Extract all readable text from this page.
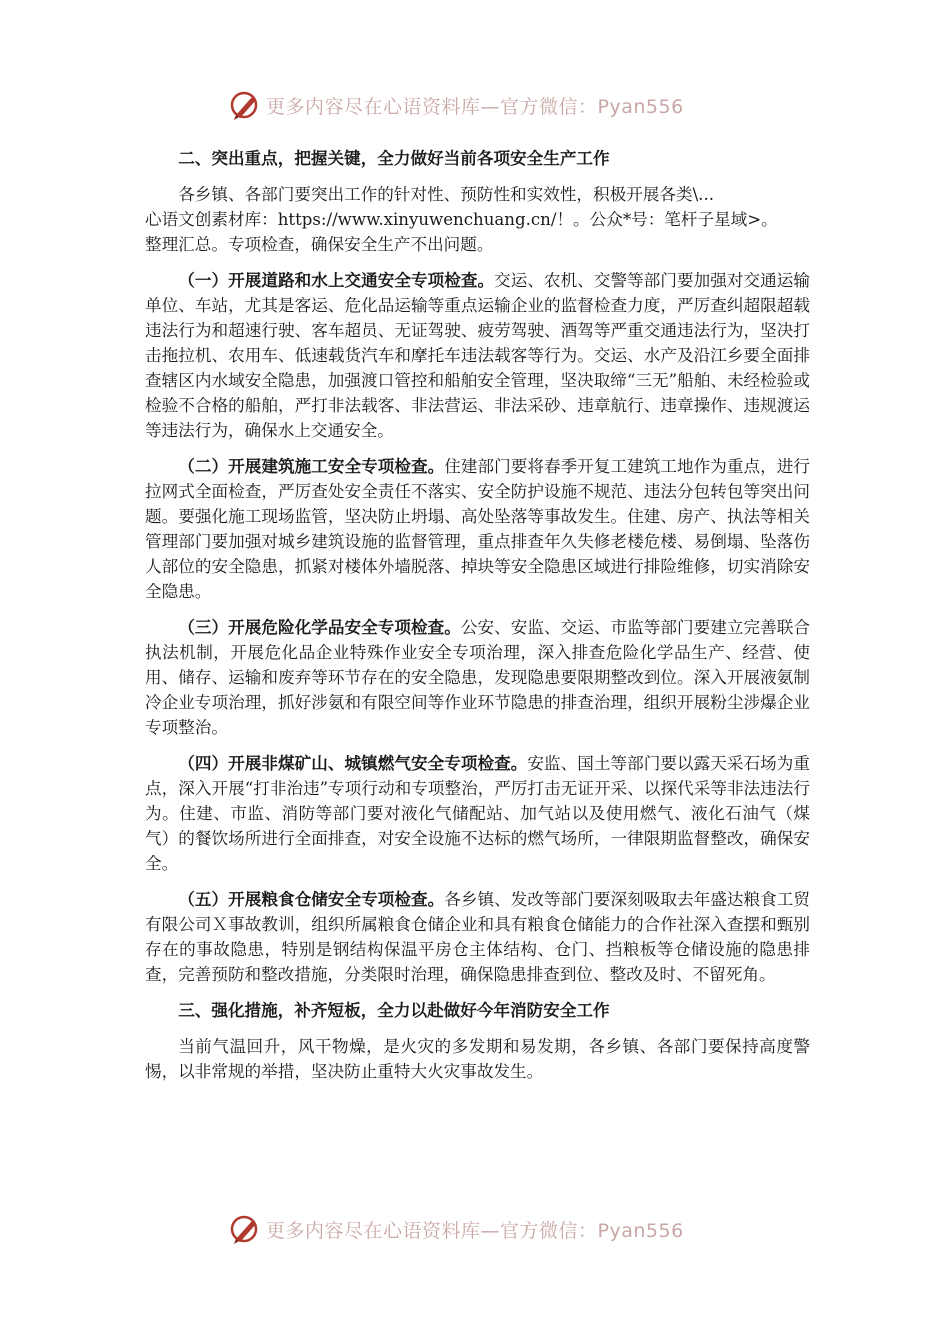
更多内容尽在心语资料库—官方微信：Pyan556

二、突出重点，把握关键，全力做好当前各项安全生产工作

各乡镇、各部门要突出工作的针对性、预防性和实效性，积极开展各类\...
心语文创素材库：https://www.xinyuwenchuang.cn/！。公众*号：笔杆子星域>。
整理汇总。专项检查，确保安全生产不出问题。

（一）开展道路和水上交通安全专项检查。交运、农机、交警等部门要加强对交通运输单位、车站，尤其是客运、危化品运输等重点运输企业的监督检查力度，严厉查纠超限超载违法行为和超速行驶、客车超员、无证驾驶、疲劳驾驶、酒驾等严重交通违法行为，坚决打击拖拉机、农用车、低速载货汽车和摩托车违法载客等行为。交运、水产及沿江乡要全面排查辖区内水域安全隐患，加强渡口管控和船舶安全管理，坚决取缔“三无”船舶、未经检验或检验不合格的船舶，严打非法载客、非法营运、非法采砂、违章航行、违章操作、违规渡运等违法行为，确保水上交通安全。

（二）开展建筑施工安全专项检查。住建部门要将春季开复工建筑工地作为重点，进行拉网式全面检查，严厉查处安全责任不落实、安全防护设施不规范、违法分包转包等突出问题。要强化施工现场监管，坚决防止坍塌、高处坠落等事故发生。住建、房产、执法等相关管理部门要加强对城乡建筑设施的监督管理，重点排查年久失修老楼危楼、易倒塌、坠落伤人部位的安全隐患，抓紧对楼体外墙脱落、掉块等安全隐患区域进行排险维修，切实消除安全隐患。

（三）开展危险化学品安全专项检查。公安、安监、交运、市监等部门要建立完善联合执法机制，开展危化品企业特殊作业安全专项治理，深入排查危险化学品生产、经营、使用、储存、运输和废弃等环节存在的安全隐患，发现隐患要限期整改到位。深入开展液氨制冷企业专项治理，抓好涉氨和有限空间等作业环节隐患的排查治理，组织开展粉尘涉爆企业专项整治。

（四）开展非煤矿山、城镇燃气安全专项检查。安监、国土等部门要以露天采石场为重点，深入开展“打非治违”专项行动和专项整治，严厉打击无证开采、以探代采等非法违法行为。住建、市监、消防等部门要对液化气储配站、加气站以及使用燃气、液化石油气（煤气）的餐饮场所进行全面排查，对安全设施不达标的燃气场所，一律限期监督整改，确保安全。

（五）开展粮食仓储安全专项检查。各乡镇、发改等部门要深刻吸取去年盛达粮食工贸有限公司Ｘ事故教训，组织所属粮食仓储企业和具有粮食仓储能力的合作社深入查摆和甄别存在的事故隐患，特别是钢结构保温平房仓主体结构、仓门、挡粮板等仓储设施的隐患排查，完善预防和整改措施，分类限时治理，确保隐患排查到位、整改及时、不留死角。

三、强化措施，补齐短板，全力以赴做好今年消防安全工作

当前气温回升，风干物燥，是火灾的多发期和易发期，各乡镇、各部门要保持高度警惕，以非常规的举措，坚决防止重特大火灾事故发生。

更多内容尽在心语资料库—官方微信：Pyan556
